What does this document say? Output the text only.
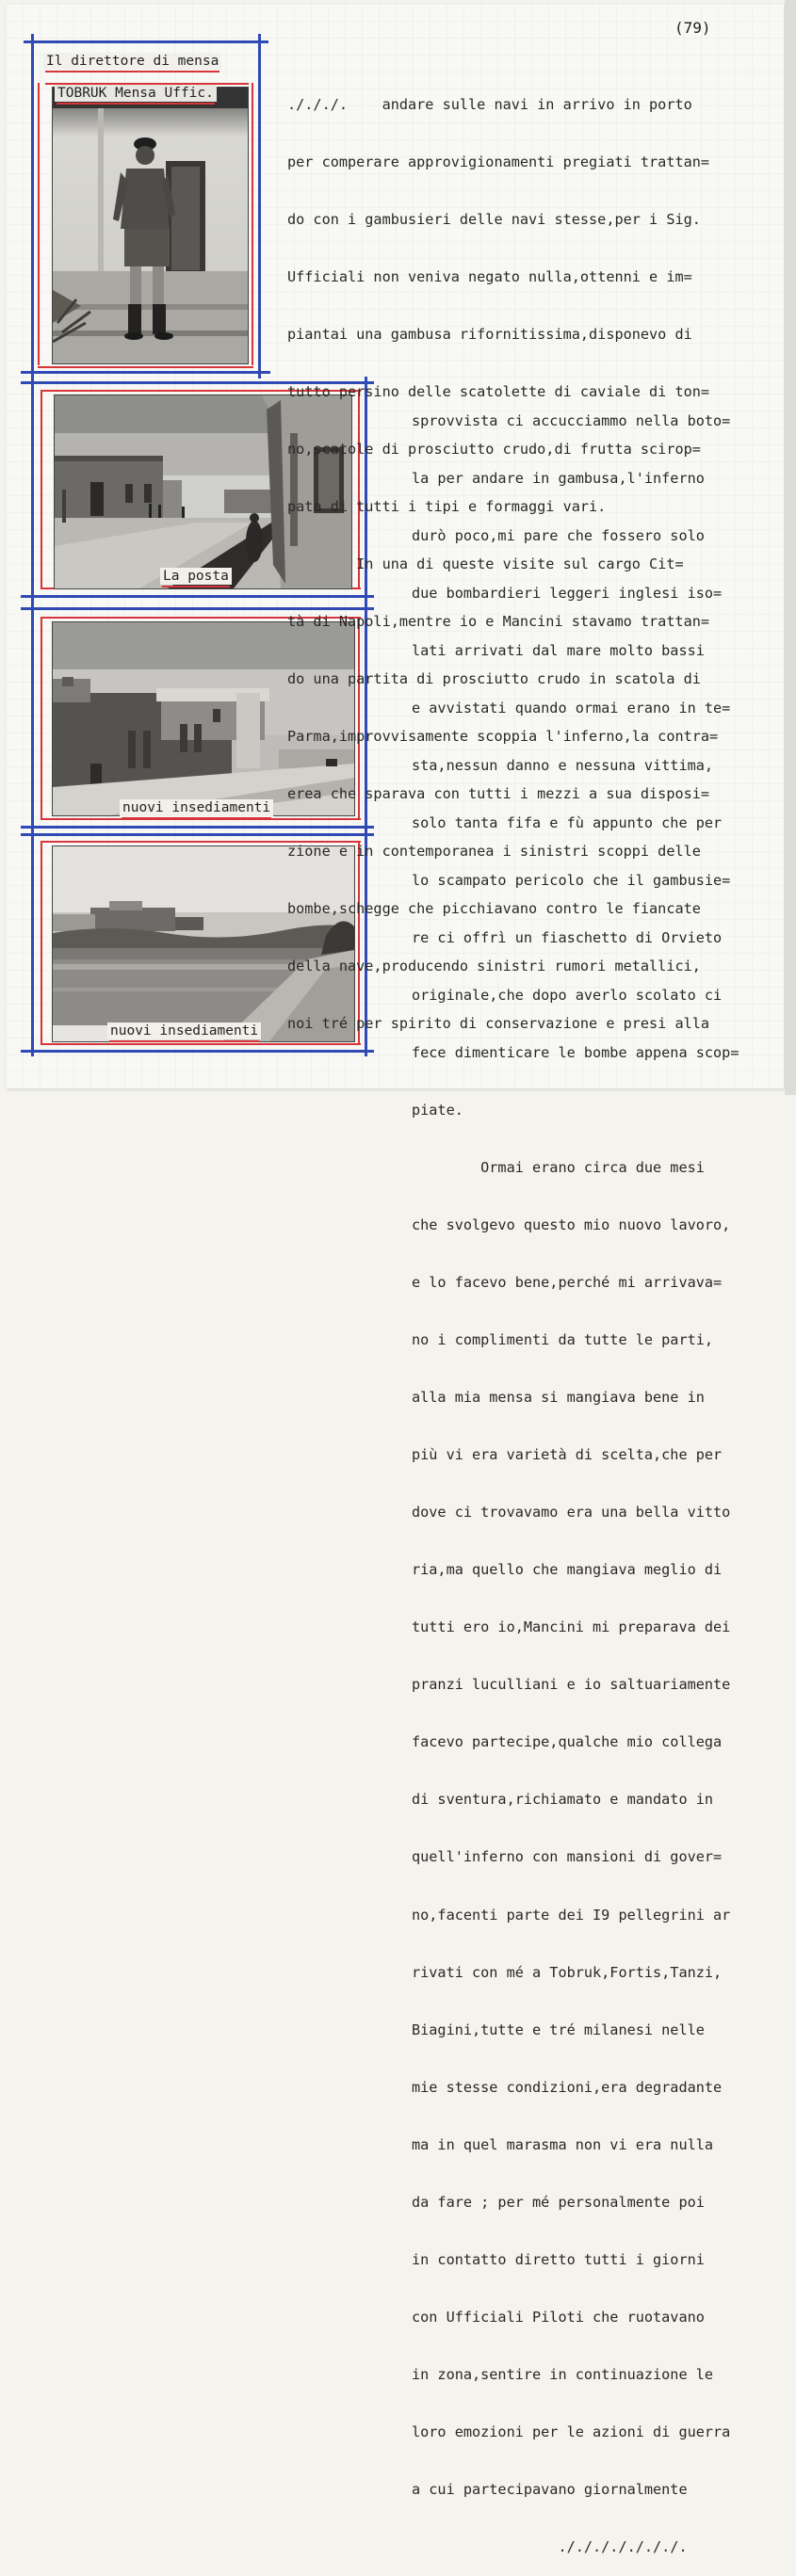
(79)
Il direttore di mensa
TOBRUK Mensa Uffic.
La posta
nuovi insediamenti
nuovi insediamenti

./././.    andare sulle navi in arrivo in porto

per comperare approvigionamenti pregiati trattan=

do con i gambusieri delle navi stesse,per i Sig.

Ufficiali non veniva negato nulla,ottenni e im=

piantai una gambusa rifornitissima,disponevo di

tutto persino delle scatolette di caviale di ton=

no,scatole di prosciutto crudo,di frutta scirop=

pata di tutti i tipi e formaggi vari.

In una di queste visite sul cargo Cit=

tà di Napoli,mentre io e Mancini stavamo trattan=

do una partita di prosciutto crudo in scatola di

Parma,improvvisamente scoppia l'inferno,la contra=

erea che sparava con tutti i mezzi a sua disposi=

zione e in contemporanea i sinistri scoppi delle

bombe,schegge che picchiavano contro le fiancate

della nave,producendo sinistri rumori metallici,

noi tré per spirito di conservazione e presi alla

sprovvista ci accucciammo nella boto=

la per andare in gambusa,l'inferno

durò poco,mi pare che fossero solo

due bombardieri leggeri inglesi iso=

lati arrivati dal mare molto bassi

e avvistati quando ormai erano in te=

sta,nessun danno e nessuna vittima,

solo tanta fifa e fù appunto che per

lo scampato pericolo che il gambusie=

re ci offrì un fiaschetto di Orvieto

originale,che dopo averlo scolato ci

fece dimenticare le bombe appena scop=

piate.

Ormai erano circa due mesi

che svolgevo questo mio nuovo lavoro,

e lo facevo bene,perché mi arrivava=

no i complimenti da tutte le parti,

alla mia mensa si mangiava bene in

più vi era varietà di scelta,che per

dove ci trovavamo era una bella vitto

ria,ma quello che mangiava meglio di

tutti ero io,Mancini mi preparava dei

pranzi luculliani e io saltuariamente

facevo partecipe,qualche mio collega

di sventura,richiamato e mandato in

quell'inferno con mansioni di gover=

no,facenti parte dei I9 pellegrini ar

rivati con mé a Tobruk,Fortis,Tanzi,

Biagini,tutte e tré milanesi nelle

mie stesse condizioni,era degradante

ma in quel marasma non vi era nulla

da fare ; per mé personalmente poi

in contatto diretto tutti i giorni

con Ufficiali Piloti che ruotavano

in zona,sentire in continuazione le

loro emozioni per le azioni di guerra

a cui partecipavano giornalmente

./././././././.
